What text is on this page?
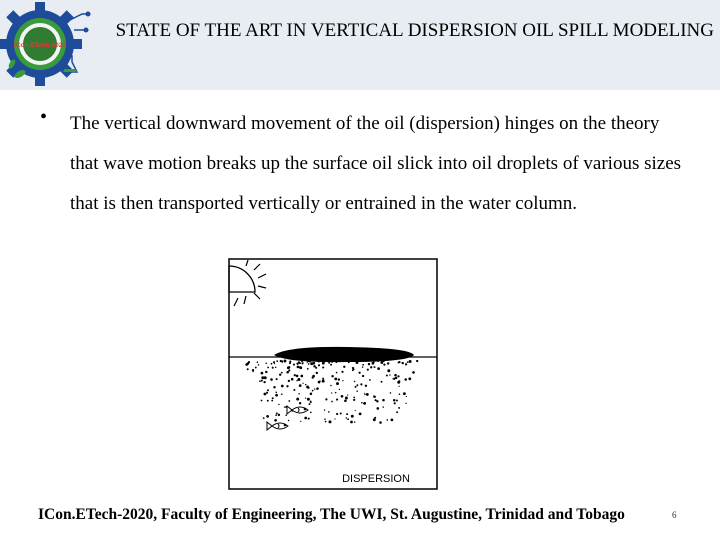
ICon.ETech-2020
STATE OF THE ART IN VERTICAL DISPERSION OIL SPILL MODELING
• The vertical downward movement of the oil (dispersion) hinges on the theory that wave motion breaks up the surface oil slick into oil droplets of various sizes that is then transported vertically or entrained in the water column.
DISPERSION
ICon.ETech-2020, Faculty of Engineering, The UWI, St. Augustine, Trinidad and Tobago	6
